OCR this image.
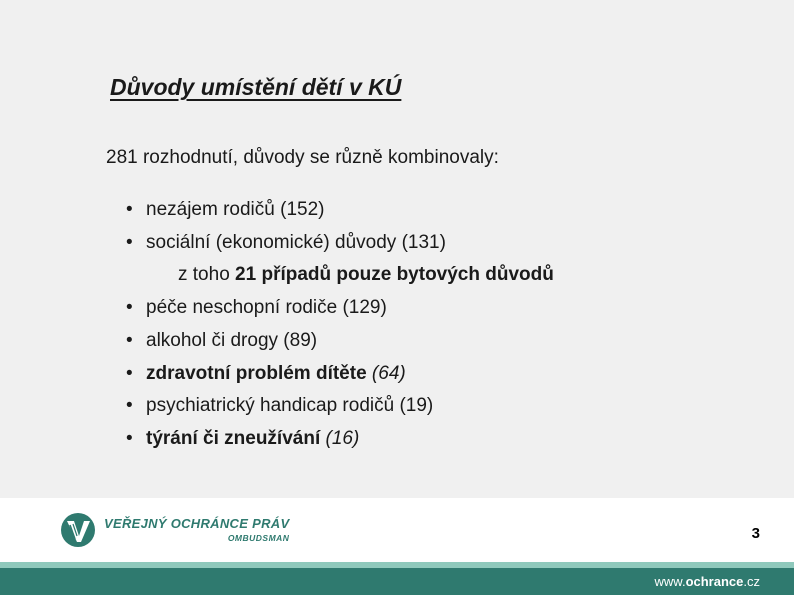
Důvody umístění dětí v KÚ
281 rozhodnutí, důvody se různě kombinovaly:
• nezájem rodičů (152)
• sociální (ekonomické) důvody (131)
z toho 21 případů pouze bytových důvodů
• péče neschopní rodiče (129)
• alkohol či drogy (89)
• zdravotní problém dítěte (64)
• psychiatrický handicap rodičů (19)
• týrání či zneužívání (16)
VEŘEJNÝ OCHRÁNCE PRÁV
OMBUDSMAN	3
www.ochrance.cz
